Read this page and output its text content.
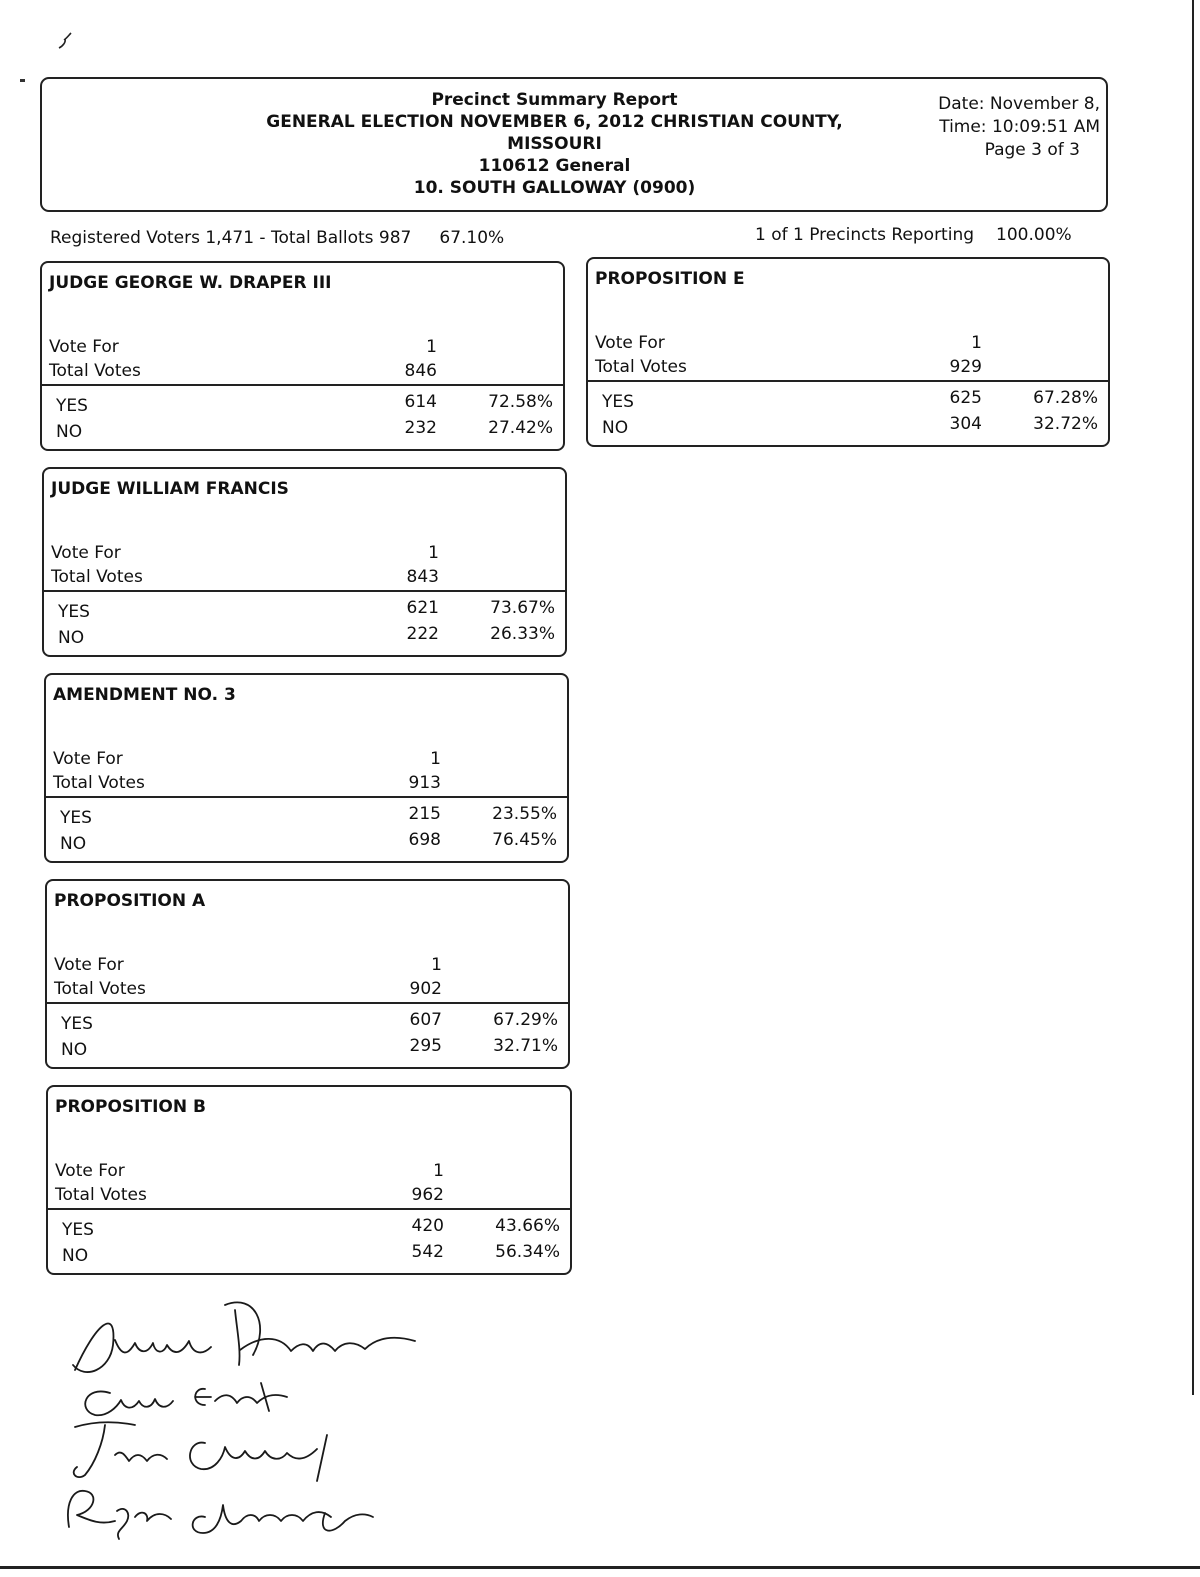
Precinct Summary Report
GENERAL ELECTION NOVEMBER 6, 2012 CHRISTIAN COUNTY,
MISSOURI
110612 General
10. SOUTH GALLOWAY (0900)
Date: November 8,
Time: 10:09:51 AM
Page 3 of 3
Registered Voters 1,471 - Total Ballots 987 67.10%	1 of 1 Precincts Reporting 100.00%
JUDGE GEORGE W. DRAPER III
Vote For	1
Total Votes	846
YES	614	72.58%
NO	232	27.42%
JUDGE WILLIAM FRANCIS
Vote For	1
Total Votes	843
YES	621	73.67%
NO	222	26.33%
AMENDMENT NO. 3
Vote For	1
Total Votes	913
YES	215	23.55%
NO	698	76.45%
PROPOSITION A
Vote For	1
Total Votes	902
YES	607	67.29%
NO	295	32.71%
PROPOSITION B
Vote For	1
Total Votes	962
YES	420	43.66%
NO	542	56.34%
PROPOSITION E
Vote For	1
Total Votes	929
YES	625	67.28%
NO	304	32.72%
